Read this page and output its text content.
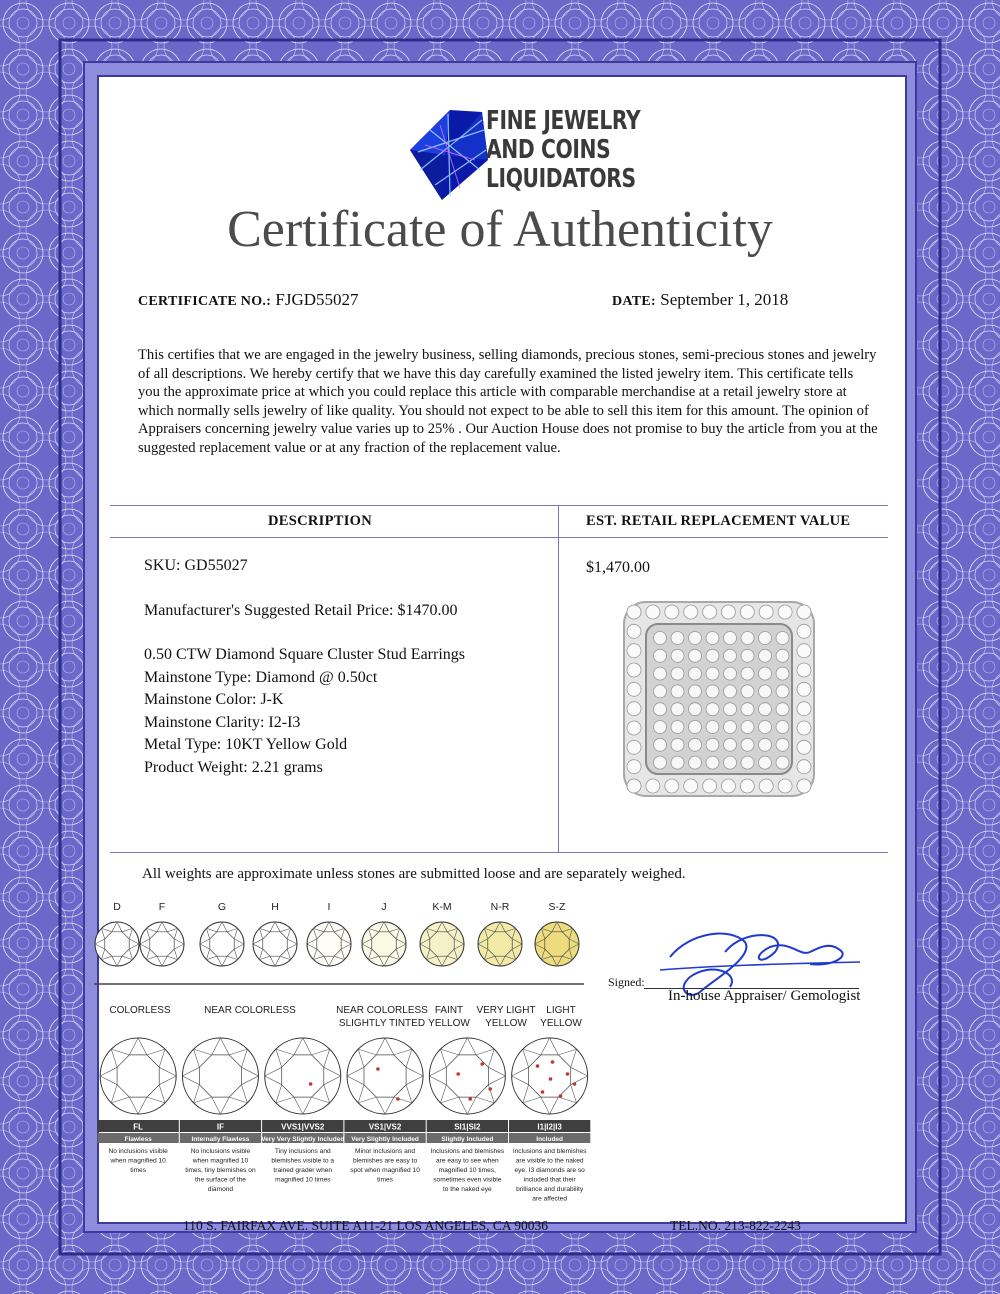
FINE JEWELRY
AND COINS
LIQUIDATORS
Certificate of Authenticity
CERTIFICATE NO.: FJGD55027	DATE: September 1, 2018
This certifies that we are engaged in the jewelry business, selling diamonds, precious stones, semi-precious stones and jewelry of all descriptions. We hereby certify that we have this day carefully examined the listed jewelry item. This certificate tells you the approximate price at which you could replace this article with comparable merchandise at a retail jewelry store at which normally sells jewelry of like quality. You should not expect to be able to sell this item for this amount. The opinion of Appraisers concerning jewelry value varies up to 25% . Our Auction House does not promise to buy the article from you at the suggested replacement value or at any fraction of the replacement value.
DESCRIPTION	EST. RETAIL REPLACEMENT VALUE
SKU: GD55027
Manufacturer's Suggested Retail Price: $1470.00
0.50 CTW Diamond Square Cluster Stud Earrings
Mainstone Type: Diamond @ 0.50ct
Mainstone Color: J-K
Mainstone Clarity: I2-I3
Metal Type: 10KT Yellow Gold
Product Weight: 2.21 grams
$1,470.00
All weights are approximate unless stones are submitted loose and are separately weighed.
D	F	G	H	I	J	K-M	N-R	S-Z
COLORLESS	NEAR COLORLESS	NEAR COLORLESS
SLIGHTLY TINTED
FAINT
YELLOW
VERY LIGHT
YELLOW
LIGHT
YELLOW
FL
Flawless
No inclusions visible
when magnified 10
times
IF
Internally Flawless
No inclusions visible
when magnified 10
times, tiny blemishes on
the surface of the
diamond
VVS1|VVS2
Very Very Slightly Included
Tiny inclusions and
blemishes visible to a
trained grader when
magnified 10 times
VS1|VS2
Very Slightly Included
Minor inclusions and
blemishes are easy to
spot when magnified 10
times
SI1|SI2
Slightly Included
Inclusions and blemishes
are easy to see when
magnified 10 times,
sometimes even visible
to the naked eye
I1|I2|I3
Included
Inclusions and blemishes
are visible to the naked
eye. I3 diamonds are so
included that their
brilliance and durability
are affected
Signed:
In-house Appraiser/ Gemologist
110 S. FAIRFAX AVE. SUITE A11-21 LOS ANGELES, CA 90036	TEL.NO. 213-822-2243
